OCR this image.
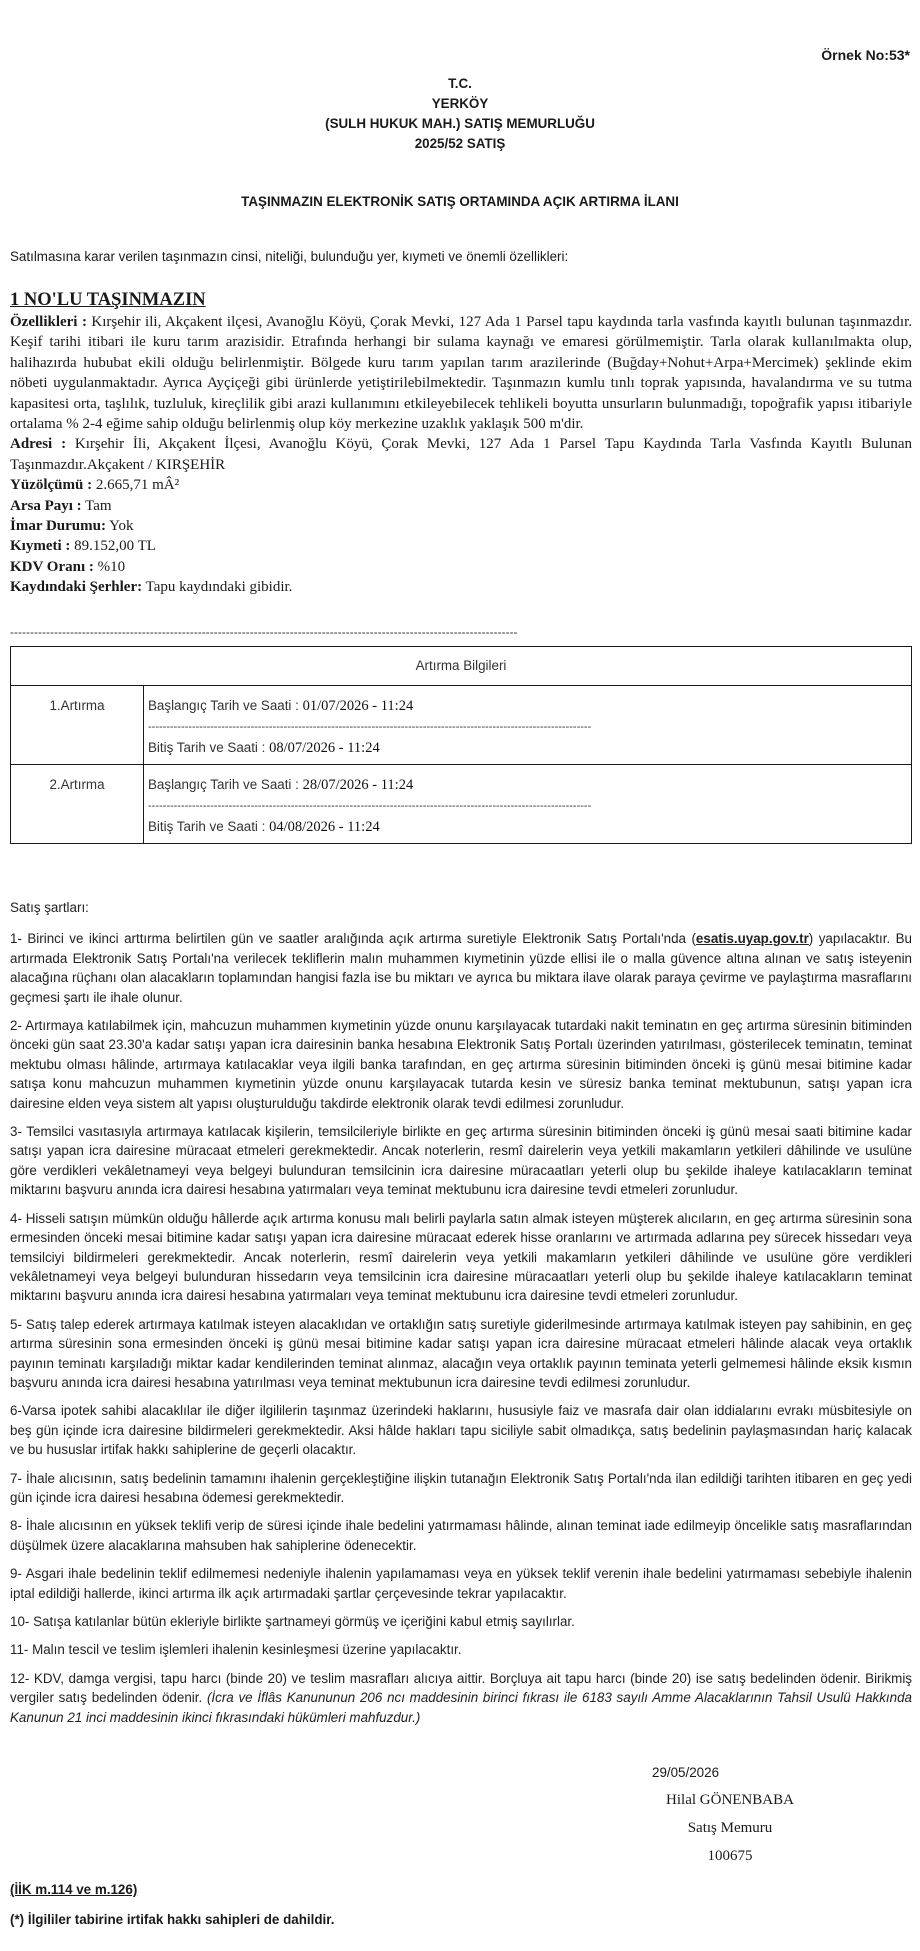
Örnek No:53*
T.C.
YERKÖY
(SULH HUKUK MAH.) SATIŞ MEMURLUĞU
2025/52 SATIŞ
TAŞINMAZIN ELEKTRONİK SATIŞ ORTAMINDA AÇIK ARTIRMA İLANI
Satılmasına karar verilen taşınmazın cinsi, niteliği, bulunduğu yer, kıymeti ve önemli özellikleri:
1 NO'LU TAŞINMAZIN
Özellikleri : Kırşehir ili, Akçakent ilçesi, Avanoğlu Köyü, Çorak Mevki, 127 Ada 1 Parsel tapu kaydında tarla vasfında kayıtlı bulunan taşınmazdır. Keşif tarihi itibari ile kuru tarım arazisidir. Etrafında herhangi bir sulama kaynağı ve emaresi görülmemiştir. Tarla olarak kullanılmakta olup, halihazırda hububat ekili olduğu belirlenmiştir. Bölgede kuru tarım yapılan tarım arazilerinde (Buğday+Nohut+Arpa+Mercimek) şeklinde ekim nöbeti uygulanmaktadır. Ayrıca Ayçiçeği gibi ürünlerde yetiştirilebilmektedir. Taşınmazın kumlu tınlı toprak yapısında, havalandırma ve su tutma kapasitesi orta, taşlılık, tuzluluk, kireçlilik gibi arazi kullanımını etkileyebilecek tehlikeli boyutta unsurların bulunmadığı, topoğrafik yapısı itibariyle ortalama % 2-4 eğime sahip olduğu belirlenmiş olup köy merkezine uzaklık yaklaşık 500 m'dir.
Adresi : Kırşehir İli, Akçakent İlçesi, Avanoğlu Köyü, Çorak Mevki, 127 Ada 1 Parsel Tapu Kaydında Tarla Vasfında Kayıtlı Bulunan Taşınmazdır.Akçakent / KIRŞEHİR
Yüzölçümü : 2.665,71 mÂ²
Arsa Payı : Tam
İmar Durumu: Yok
Kıymeti : 89.152,00 TL
KDV Oranı : %10
Kaydındaki Şerhler: Tapu kaydındaki gibidir.
-------------------------------------------------------------------------------------------------------------------------------
Artırma Bilgileri	
1.Artırma	Başlangıç Tarih ve Saati : 01/07/2026 - 11:24
-------------------------------------------------------------------------------------------------------------------------
Bitiş Tarih ve Saati : 08/07/2026 - 11:24

2.Artırma	Başlangıç Tarih ve Saati : 28/07/2026 - 11:24
-------------------------------------------------------------------------------------------------------------------------
Bitiş Tarih ve Saati : 04/08/2026 - 11:24

Satış şartları:

1- Birinci ve ikinci arttırma belirtilen gün ve saatler aralığında açık artırma suretiyle Elektronik Satış Portalı'nda (esatis.uyap.gov.tr) yapılacaktır. Bu artırmada Elektronik Satış Portalı'na verilecek tekliflerin malın muhammen kıymetinin yüzde ellisi ile o malla güvence altına alınan ve satış isteyenin alacağına rüçhanı olan alacakların toplamından hangisi fazla ise bu miktarı ve ayrıca bu miktara ilave olarak paraya çevirme ve paylaştırma masraflarını geçmesi şartı ile ihale olunur.

2- Artırmaya katılabilmek için, mahcuzun muhammen kıymetinin yüzde onunu karşılayacak tutardaki nakit teminatın en geç artırma süresinin bitiminden önceki gün saat 23.30'a kadar satışı yapan icra dairesinin banka hesabına Elektronik Satış Portalı üzerinden yatırılması, gösterilecek teminatın, teminat mektubu olması hâlinde, artırmaya katılacaklar veya ilgili banka tarafından, en geç artırma süresinin bitiminden önceki iş günü mesai bitimine kadar satışa konu mahcuzun muhammen kıymetinin yüzde onunu karşılayacak tutarda kesin ve süresiz banka teminat mektubunun, satışı yapan icra dairesine elden veya sistem alt yapısı oluşturulduğu takdirde elektronik olarak tevdi edilmesi zorunludur.

3- Temsilci vasıtasıyla artırmaya katılacak kişilerin, temsilcileriyle birlikte en geç artırma süresinin bitiminden önceki iş günü mesai saati bitimine kadar satışı yapan icra dairesine müracaat etmeleri gerekmektedir. Ancak noterlerin, resmî dairelerin veya yetkili makamların yetkileri dâhilinde ve usulüne göre verdikleri vekâletnameyi veya belgeyi bulunduran temsilcinin icra dairesine müracaatları yeterli olup bu şekilde ihaleye katılacakların teminat miktarını başvuru anında icra dairesi hesabına yatırmaları veya teminat mektubunu icra dairesine tevdi etmeleri zorunludur.

4- Hisseli satışın mümkün olduğu hâllerde açık artırma konusu malı belirli paylarla satın almak isteyen müşterek alıcıların, en geç artırma süresinin sona ermesinden önceki mesai bitimine kadar satışı yapan icra dairesine müracaat ederek hisse oranlarını ve artırmada adlarına pey sürecek hissedarı veya temsilciyi bildirmeleri gerekmektedir. Ancak noterlerin, resmî dairelerin veya yetkili makamların yetkileri dâhilinde ve usulüne göre verdikleri vekâletnameyi veya belgeyi bulunduran hissedarın veya temsilcinin icra dairesine müracaatları yeterli olup bu şekilde ihaleye katılacakların teminat miktarını başvuru anında icra dairesi hesabına yatırmaları veya teminat mektubunu icra dairesine tevdi etmeleri zorunludur.

5- Satış talep ederek artırmaya katılmak isteyen alacaklıdan ve ortaklığın satış suretiyle giderilmesinde artırmaya katılmak isteyen pay sahibinin, en geç artırma süresinin sona ermesinden önceki iş günü mesai bitimine kadar satışı yapan icra dairesine müracaat etmeleri hâlinde alacak veya ortaklık payının teminatı karşıladığı miktar kadar kendilerinden teminat alınmaz, alacağın veya ortaklık payının teminata yeterli gelmemesi hâlinde eksik kısmın başvuru anında icra dairesi hesabına yatırılması veya teminat mektubunun icra dairesine tevdi edilmesi zorunludur.

6-Varsa ipotek sahibi alacaklılar ile diğer ilgililerin taşınmaz üzerindeki haklarını, hususiyle faiz ve masrafa dair olan iddialarını evrakı müsbitesiyle on beş gün içinde icra dairesine bildirmeleri gerekmektedir. Aksi hâlde hakları tapu siciliyle sabit olmadıkça, satış bedelinin paylaşmasından hariç kalacak ve bu hususlar irtifak hakkı sahiplerine de geçerli olacaktır.

7- İhale alıcısının, satış bedelinin tamamını ihalenin gerçekleştiğine ilişkin tutanağın Elektronik Satış Portalı'nda ilan edildiği tarihten itibaren en geç yedi gün içinde icra dairesi hesabına ödemesi gerekmektedir.

8- İhale alıcısının en yüksek teklifi verip de süresi içinde ihale bedelini yatırmaması hâlinde, alınan teminat iade edilmeyip öncelikle satış masraflarından düşülmek üzere alacaklarına mahsuben hak sahiplerine ödenecektir.

9- Asgari ihale bedelinin teklif edilmemesi nedeniyle ihalenin yapılamaması veya en yüksek teklif verenin ihale bedelini yatırmaması sebebiyle ihalenin iptal edildiği hallerde, ikinci artırma ilk açık artırmadaki şartlar çerçevesinde tekrar yapılacaktır.

10- Satışa katılanlar bütün ekleriyle birlikte şartnameyi görmüş ve içeriğini kabul etmiş sayılırlar.

11- Malın tescil ve teslim işlemleri ihalenin kesinleşmesi üzerine yapılacaktır.

12- KDV, damga vergisi, tapu harcı (binde 20) ve teslim masrafları alıcıya aittir. Borçluya ait tapu harcı (binde 20) ise satış bedelinden ödenir. Birikmiş vergiler satış bedelinden ödenir. (İcra ve İflâs Kanununun 206 ncı maddesinin birinci fıkrası ile 6183 sayılı Amme Alacaklarının Tahsil Usulü Hakkında Kanunun 21 inci maddesinin ikinci fıkrasındaki hükümleri mahfuzdur.)

29/05/2026
Hilal GÖNENBABA
Satış Memuru
100675
(İİK m.114 ve m.126)
(*) İlgililer tabirine irtifak hakkı sahipleri de dahildir.
